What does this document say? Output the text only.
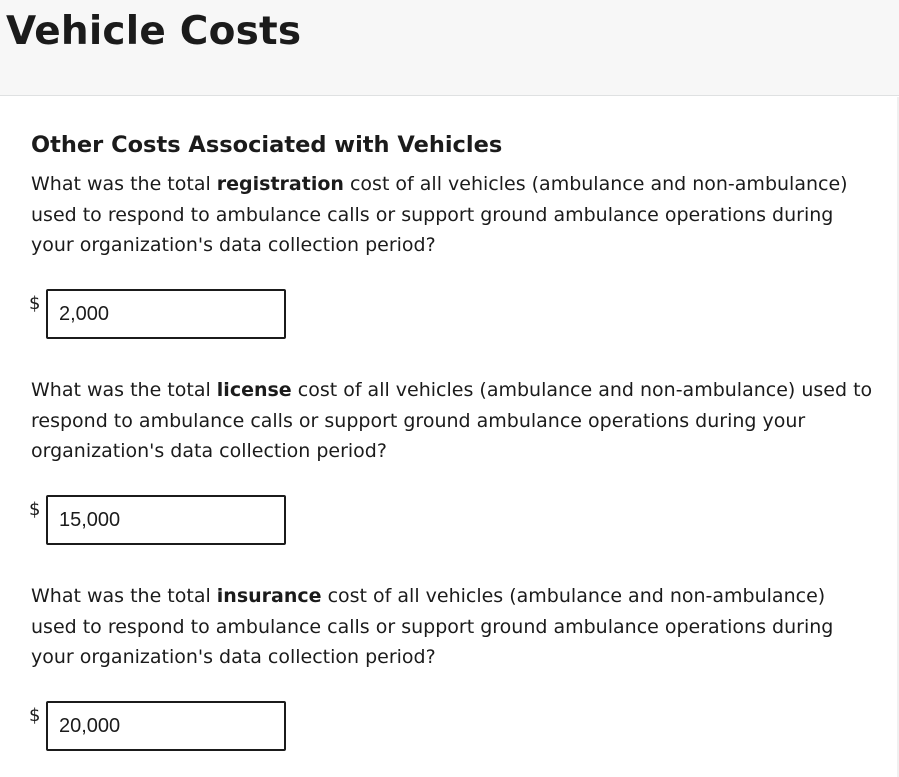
Vehicle Costs
Other Costs Associated with Vehicles

What was the total registration cost of all vehicles (ambulance and non-ambulance) used to respond to ambulance calls or support ground ambulance operations during your organization's data collection period?

$
2,000

What was the total license cost of all vehicles (ambulance and non-ambulance) used to respond to ambulance calls or support ground ambulance operations during your organization's data collection period?

$
15,000

What was the total insurance cost of all vehicles (ambulance and non-ambulance) used to respond to ambulance calls or support ground ambulance operations during your organization's data collection period?

$
20,000
